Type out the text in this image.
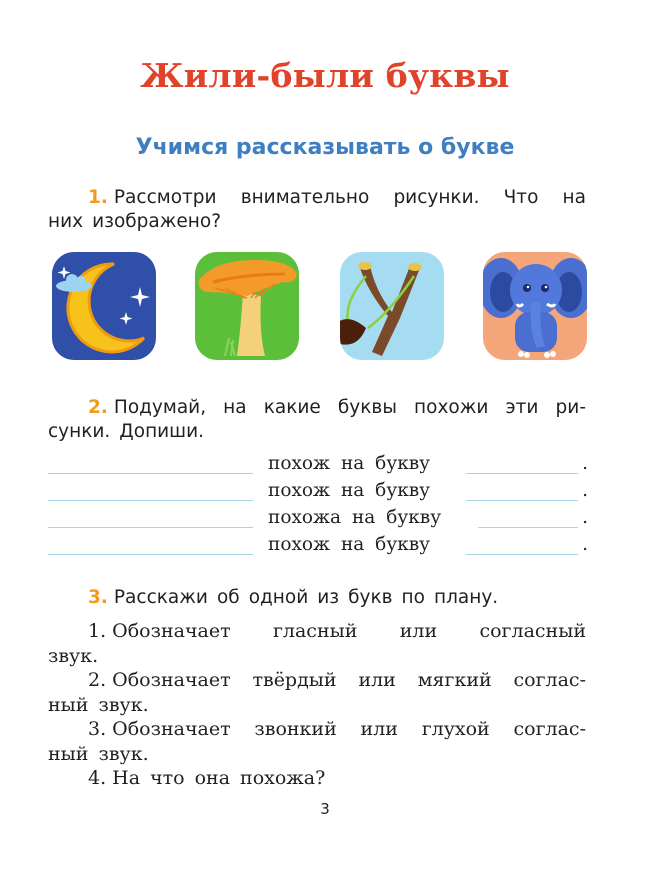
Жили-были буквы
Учимся рассказывать о букве
1. Рассмотри внимательно рисунки. Что на
них изображено?
2. Подумай, на какие буквы похожи эти ри-
сунки. Допиши.
похож на букву	.
похож на букву	.
похожа на букву	.
похож на букву	.
3. Расскажи об одной из букв по плану.
1. Обозначает гласный или согласный
звук.
2. Обозначает твёрдый или мягкий соглас-
ный звук.
3. Обозначает звонкий или глухой соглас-
ный звук.
4. На что она похожа?
3
